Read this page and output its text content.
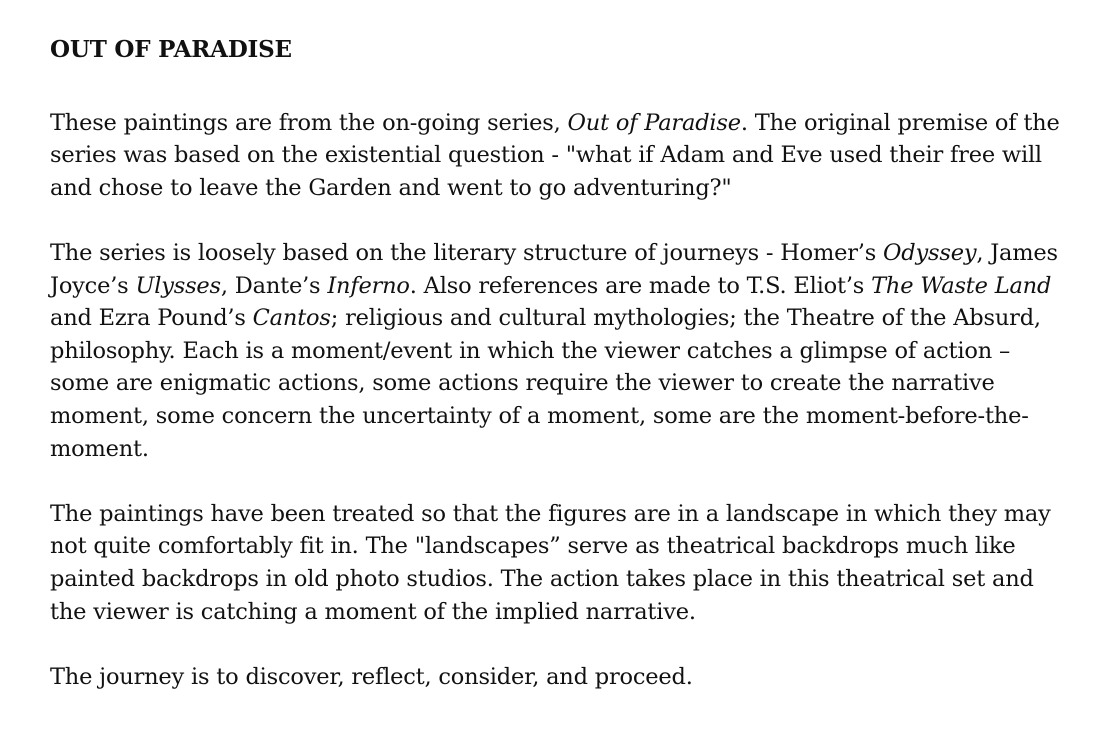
OUT OF PARADISE

These paintings are from the on-going series, Out of Paradise. The original premise of the series was based on the existential question - "what if Adam and Eve used their free will and chose to leave the Garden and went to go adventuring?"

The series is loosely based on the literary structure of journeys - Homer’s Odyssey, James Joyce’s Ulysses, Dante’s Inferno. Also references are made to T.S. Eliot’s The Waste Land and Ezra Pound’s Cantos; religious and cultural mythologies; the Theatre of the Absurd, philosophy. Each is a moment/event in which the viewer catches a glimpse of action – some are enigmatic actions, some actions require the viewer to create the narrative moment, some concern the uncertainty of a moment, some are the moment-before-the-moment.

The paintings have been treated so that the figures are in a landscape in which they may not quite comfortably fit in. The "landscapes” serve as theatrical backdrops much like painted backdrops in old photo studios. The action takes place in this theatrical set and the viewer is catching a moment of the implied narrative.

The journey is to discover, reflect, consider, and proceed.
